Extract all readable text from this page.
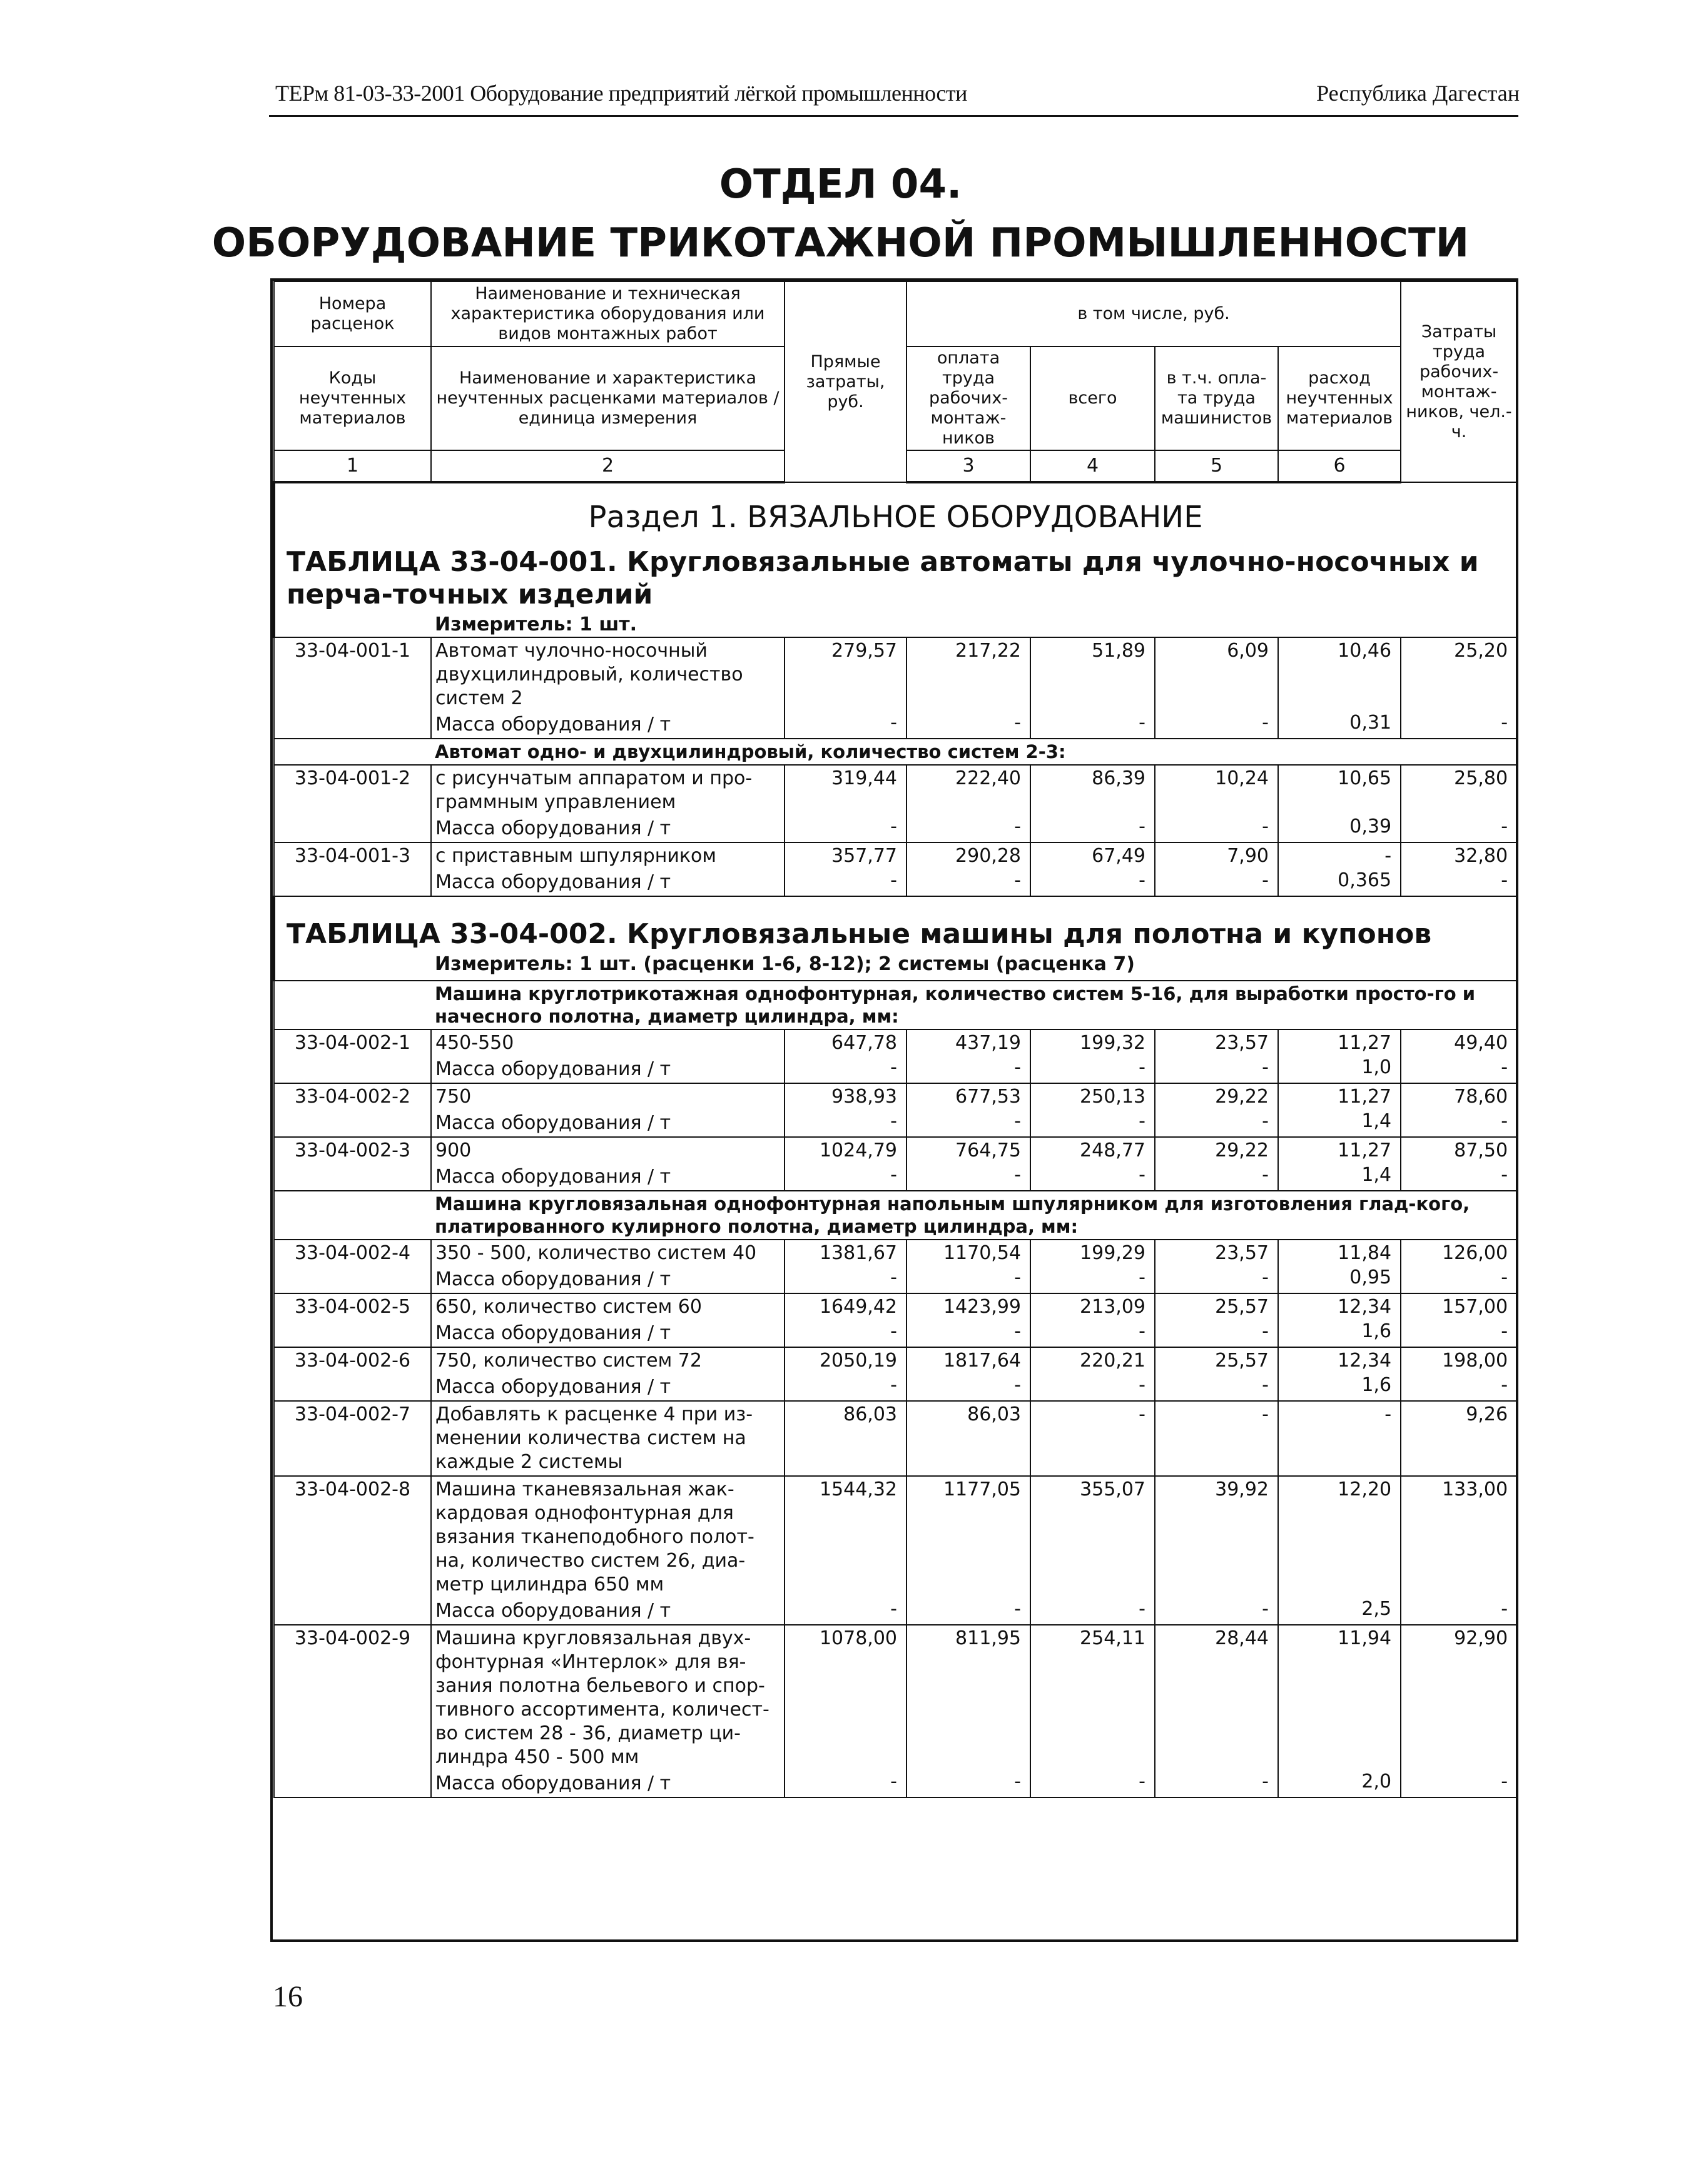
ТЕРм 81-03-33-2001 Оборудование предприятий лёгкой промышленности	Республика Дагестан
ОТДЕЛ 04.
ОБОРУДОВАНИЕ ТРИКОТАЖНОЙ ПРОМЫШЛЕННОСТИ
Номера расценок	Наименование и техническая характеристика оборудования или видов монтажных работ	Прямые затраты, руб.	в том числе, руб.				Затраты труда рабочих-монтаж-ников, чел.-ч.	
Коды неучтенных материалов	Наименование и характеристика неучтенных расценками материалов / единица измерения		оплата труда рабочих-монтаж-ников	всего	в т.ч. опла-та труда машинистов	расход неучтенных материалов		
1	2		3	4	5	6		
Раздел 1. ВЯЗАЛЬНОЕ ОБОРУДОВАНИЕ								
ТАБЛИЦА 33-04-001. Кругловязальные автоматы для чулочно-носочных и перча-точных изделий								
	Измеритель: 1 шт.							
33-04-001-1	Автомат чулочно-носочный двухцилиндровый, количество систем 2	279,57	217,22	51,89	6,09	10,46	25,20	
	Масса оборудования / т	-	-	-	-	0,31	-	
	Автомат одно- и двухцилиндровый, количество систем 2-3:							
33-04-001-2	с рисунчатым аппаратом и про-граммным управлением	319,44	222,40	86,39	10,24	10,65	25,80	
	Масса оборудования / т	-	-	-	-	0,39	-	
33-04-001-3	с приставным шпулярником	357,77	290,28	67,49	7,90	-	32,80	
	Масса оборудования / т	-	-	-	-	0,365	-	

ТАБЛИЦА 33-04-002. Кругловязальные машины для полотна и купонов								
	Измеритель: 1 шт. (расценки 1-6, 8-12); 2 системы (расценка 7)							
	Машина круглотрикотажная однофонтурная, количество систем 5-16, для выработки просто-го и начесного полотна, диаметр цилиндра, мм:							
33-04-002-1	450-550	647,78	437,19	199,32	23,57	11,27	49,40	
	Масса оборудования / т	-	-	-	-	1,0	-	
33-04-002-2	750	938,93	677,53	250,13	29,22	11,27	78,60	
	Масса оборудования / т	-	-	-	-	1,4	-	
33-04-002-3	900	1024,79	764,75	248,77	29,22	11,27	87,50	
	Масса оборудования / т	-	-	-	-	1,4	-	
	Машина кругловязальная однофонтурная напольным шпулярником для изготовления глад-кого, платированного кулирного полотна, диаметр цилиндра, мм:							
33-04-002-4	350 - 500, количество систем 40	1381,67	1170,54	199,29	23,57	11,84	126,00	
	Масса оборудования / т	-	-	-	-	0,95	-	
33-04-002-5	650, количество систем 60	1649,42	1423,99	213,09	25,57	12,34	157,00	
	Масса оборудования / т	-	-	-	-	1,6	-	
33-04-002-6	750, количество систем 72	2050,19	1817,64	220,21	25,57	12,34	198,00	
	Масса оборудования / т	-	-	-	-	1,6	-	
33-04-002-7	Добавлять к расценке 4 при из-менении количества систем на каждые 2 системы	86,03	86,03	-	-	-	9,26	
33-04-002-8	Машина тканевязальная жак-кардовая однофонтурная для вязания тканеподобного полот-на, количество систем 26, диа-метр цилиндра 650 мм	1544,32	1177,05	355,07	39,92	12,20	133,00	
	Масса оборудования / т	-	-	-	-	2,5	-	
33-04-002-9	Машина кругловязальная двух-фонтурная «Интерлок» для вя-зания полотна бельевого и спор-тивного ассортимента, количест-во систем 28 - 36, диаметр ци-линдра 450 - 500 мм	1078,00	811,95	254,11	28,44	11,94	92,90	
	Масса оборудования / т	-	-	-	-	2,0	-	
16
